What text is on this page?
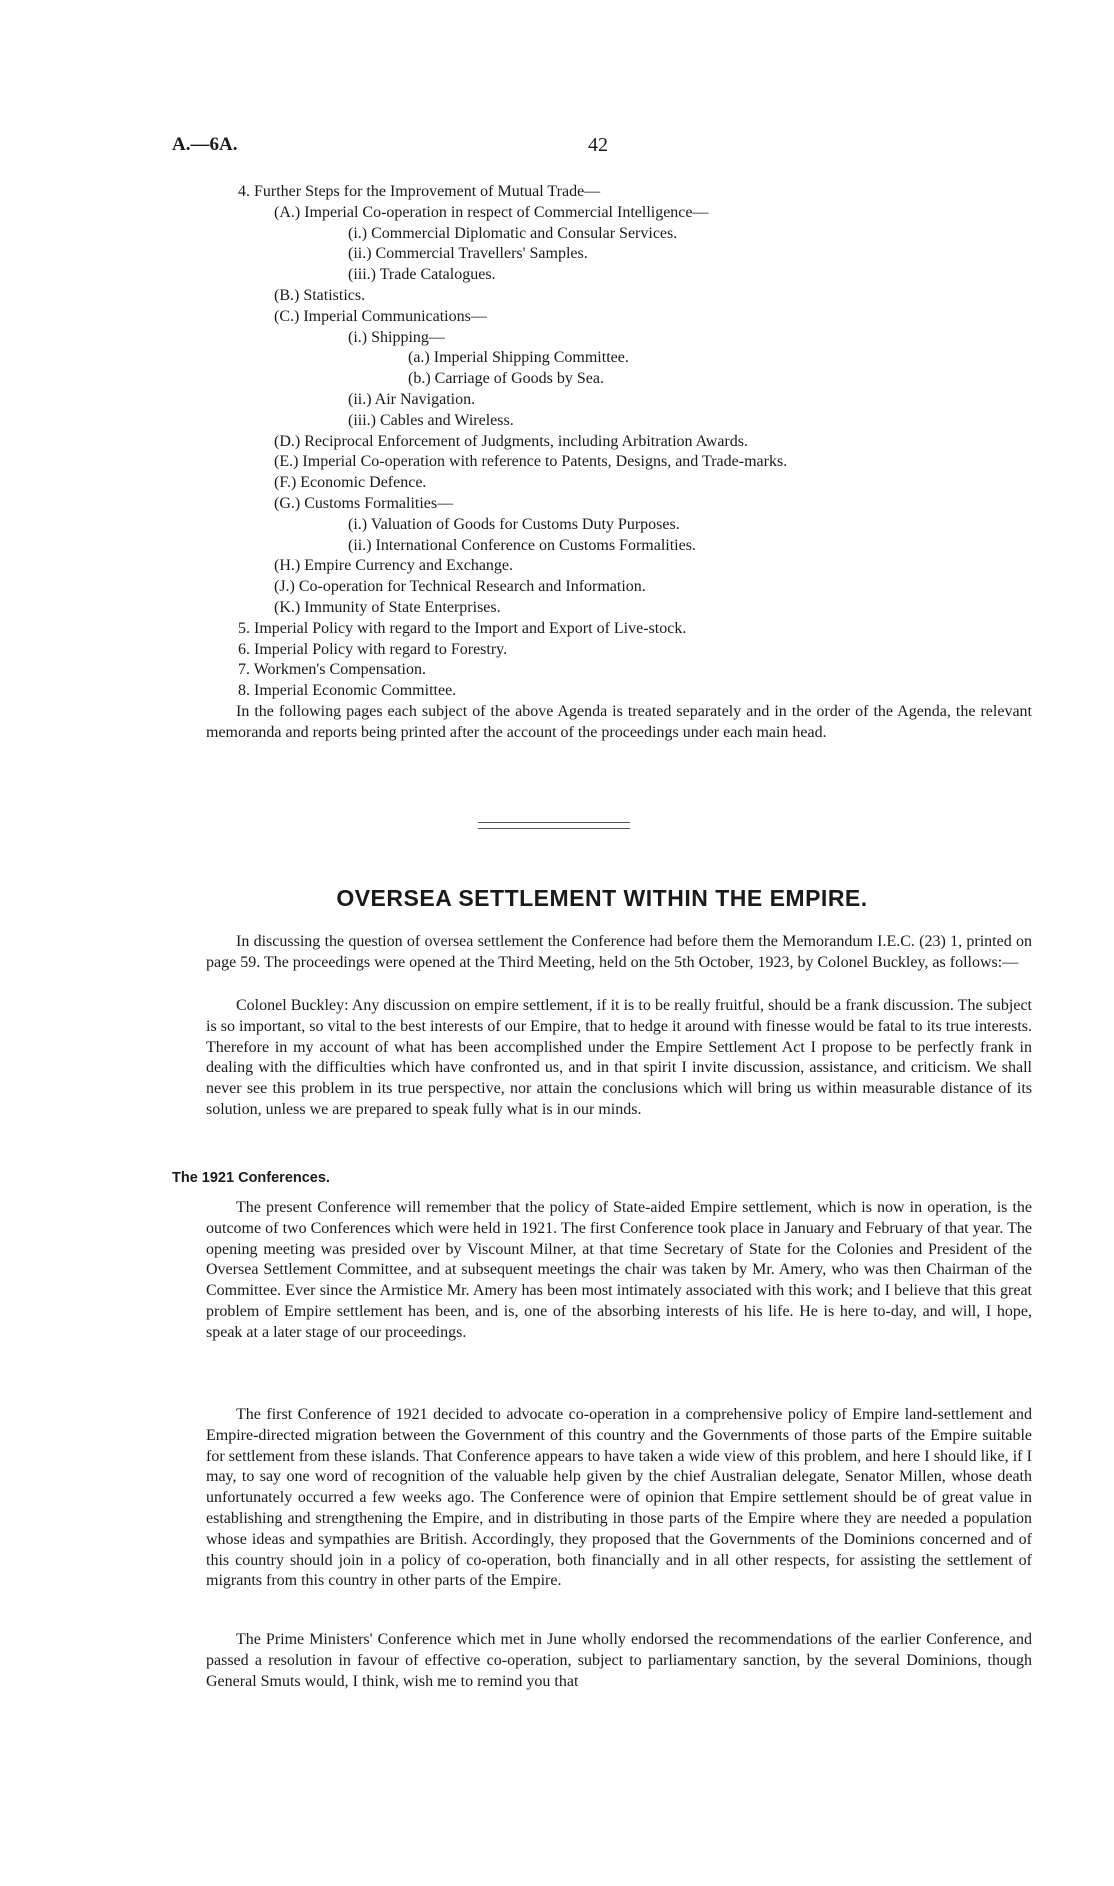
A.—6A.	42
4. Further Steps for the Improvement of Mutual Trade—
(A.) Imperial Co-operation in respect of Commercial Intelligence—
(i.) Commercial Diplomatic and Consular Services.
(ii.) Commercial Travellers' Samples.
(iii.) Trade Catalogues.
(B.) Statistics.
(C.) Imperial Communications—
(i.) Shipping—
(a.) Imperial Shipping Committee.
(b.) Carriage of Goods by Sea.
(ii.) Air Navigation.
(iii.) Cables and Wireless.
(D.) Reciprocal Enforcement of Judgments, including Arbitration Awards.
(E.) Imperial Co-operation with reference to Patents, Designs, and Trade-marks.
(F.) Economic Defence.
(G.) Customs Formalities—
(i.) Valuation of Goods for Customs Duty Purposes.
(ii.) International Conference on Customs Formalities.
(H.) Empire Currency and Exchange.
(J.) Co-operation for Technical Research and Information.
(K.) Immunity of State Enterprises.
5. Imperial Policy with regard to the Import and Export of Live-stock.
6. Imperial Policy with regard to Forestry.
7. Workmen's Compensation.
8. Imperial Economic Committee.
In the following pages each subject of the above Agenda is treated separately and in the order of the Agenda, the relevant memoranda and reports being printed after the account of the proceedings under each main head.
OVERSEA SETTLEMENT WITHIN THE EMPIRE.
In discussing the question of oversea settlement the Conference had before them the Memorandum I.E.C. (23) 1, printed on page 59. The proceedings were opened at the Third Meeting, held on the 5th October, 1923, by Colonel Buckley, as follows:—
Colonel Buckley: Any discussion on empire settlement, if it is to be really fruitful, should be a frank discussion. The subject is so important, so vital to the best interests of our Empire, that to hedge it around with finesse would be fatal to its true interests. Therefore in my account of what has been accomplished under the Empire Settlement Act I propose to be perfectly frank in dealing with the difficulties which have confronted us, and in that spirit I invite discussion, assistance, and criticism. We shall never see this problem in its true perspective, nor attain the conclusions which will bring us within measurable distance of its solution, unless we are prepared to speak fully what is in our minds.
The 1921 Conferences.
The present Conference will remember that the policy of State-aided Empire settlement, which is now in operation, is the outcome of two Conferences which were held in 1921. The first Conference took place in January and February of that year. The opening meeting was presided over by Viscount Milner, at that time Secretary of State for the Colonies and President of the Oversea Settlement Committee, and at subsequent meetings the chair was taken by Mr. Amery, who was then Chairman of the Committee. Ever since the Armistice Mr. Amery has been most intimately associated with this work; and I believe that this great problem of Empire settlement has been, and is, one of the absorbing interests of his life. He is here to-day, and will, I hope, speak at a later stage of our proceedings.
The first Conference of 1921 decided to advocate co-operation in a comprehensive policy of Empire land-settlement and Empire-directed migration between the Government of this country and the Governments of those parts of the Empire suitable for settlement from these islands. That Conference appears to have taken a wide view of this problem, and here I should like, if I may, to say one word of recognition of the valuable help given by the chief Australian delegate, Senator Millen, whose death unfortunately occurred a few weeks ago. The Conference were of opinion that Empire settlement should be of great value in establishing and strengthening the Empire, and in distributing in those parts of the Empire where they are needed a population whose ideas and sympathies are British. Accordingly, they proposed that the Governments of the Dominions concerned and of this country should join in a policy of co-operation, both financially and in all other respects, for assisting the settlement of migrants from this country in other parts of the Empire.
The Prime Ministers' Conference which met in June wholly endorsed the recommendations of the earlier Conference, and passed a resolution in favour of effective co-operation, subject to parliamentary sanction, by the several Dominions, though General Smuts would, I think, wish me to remind you that
